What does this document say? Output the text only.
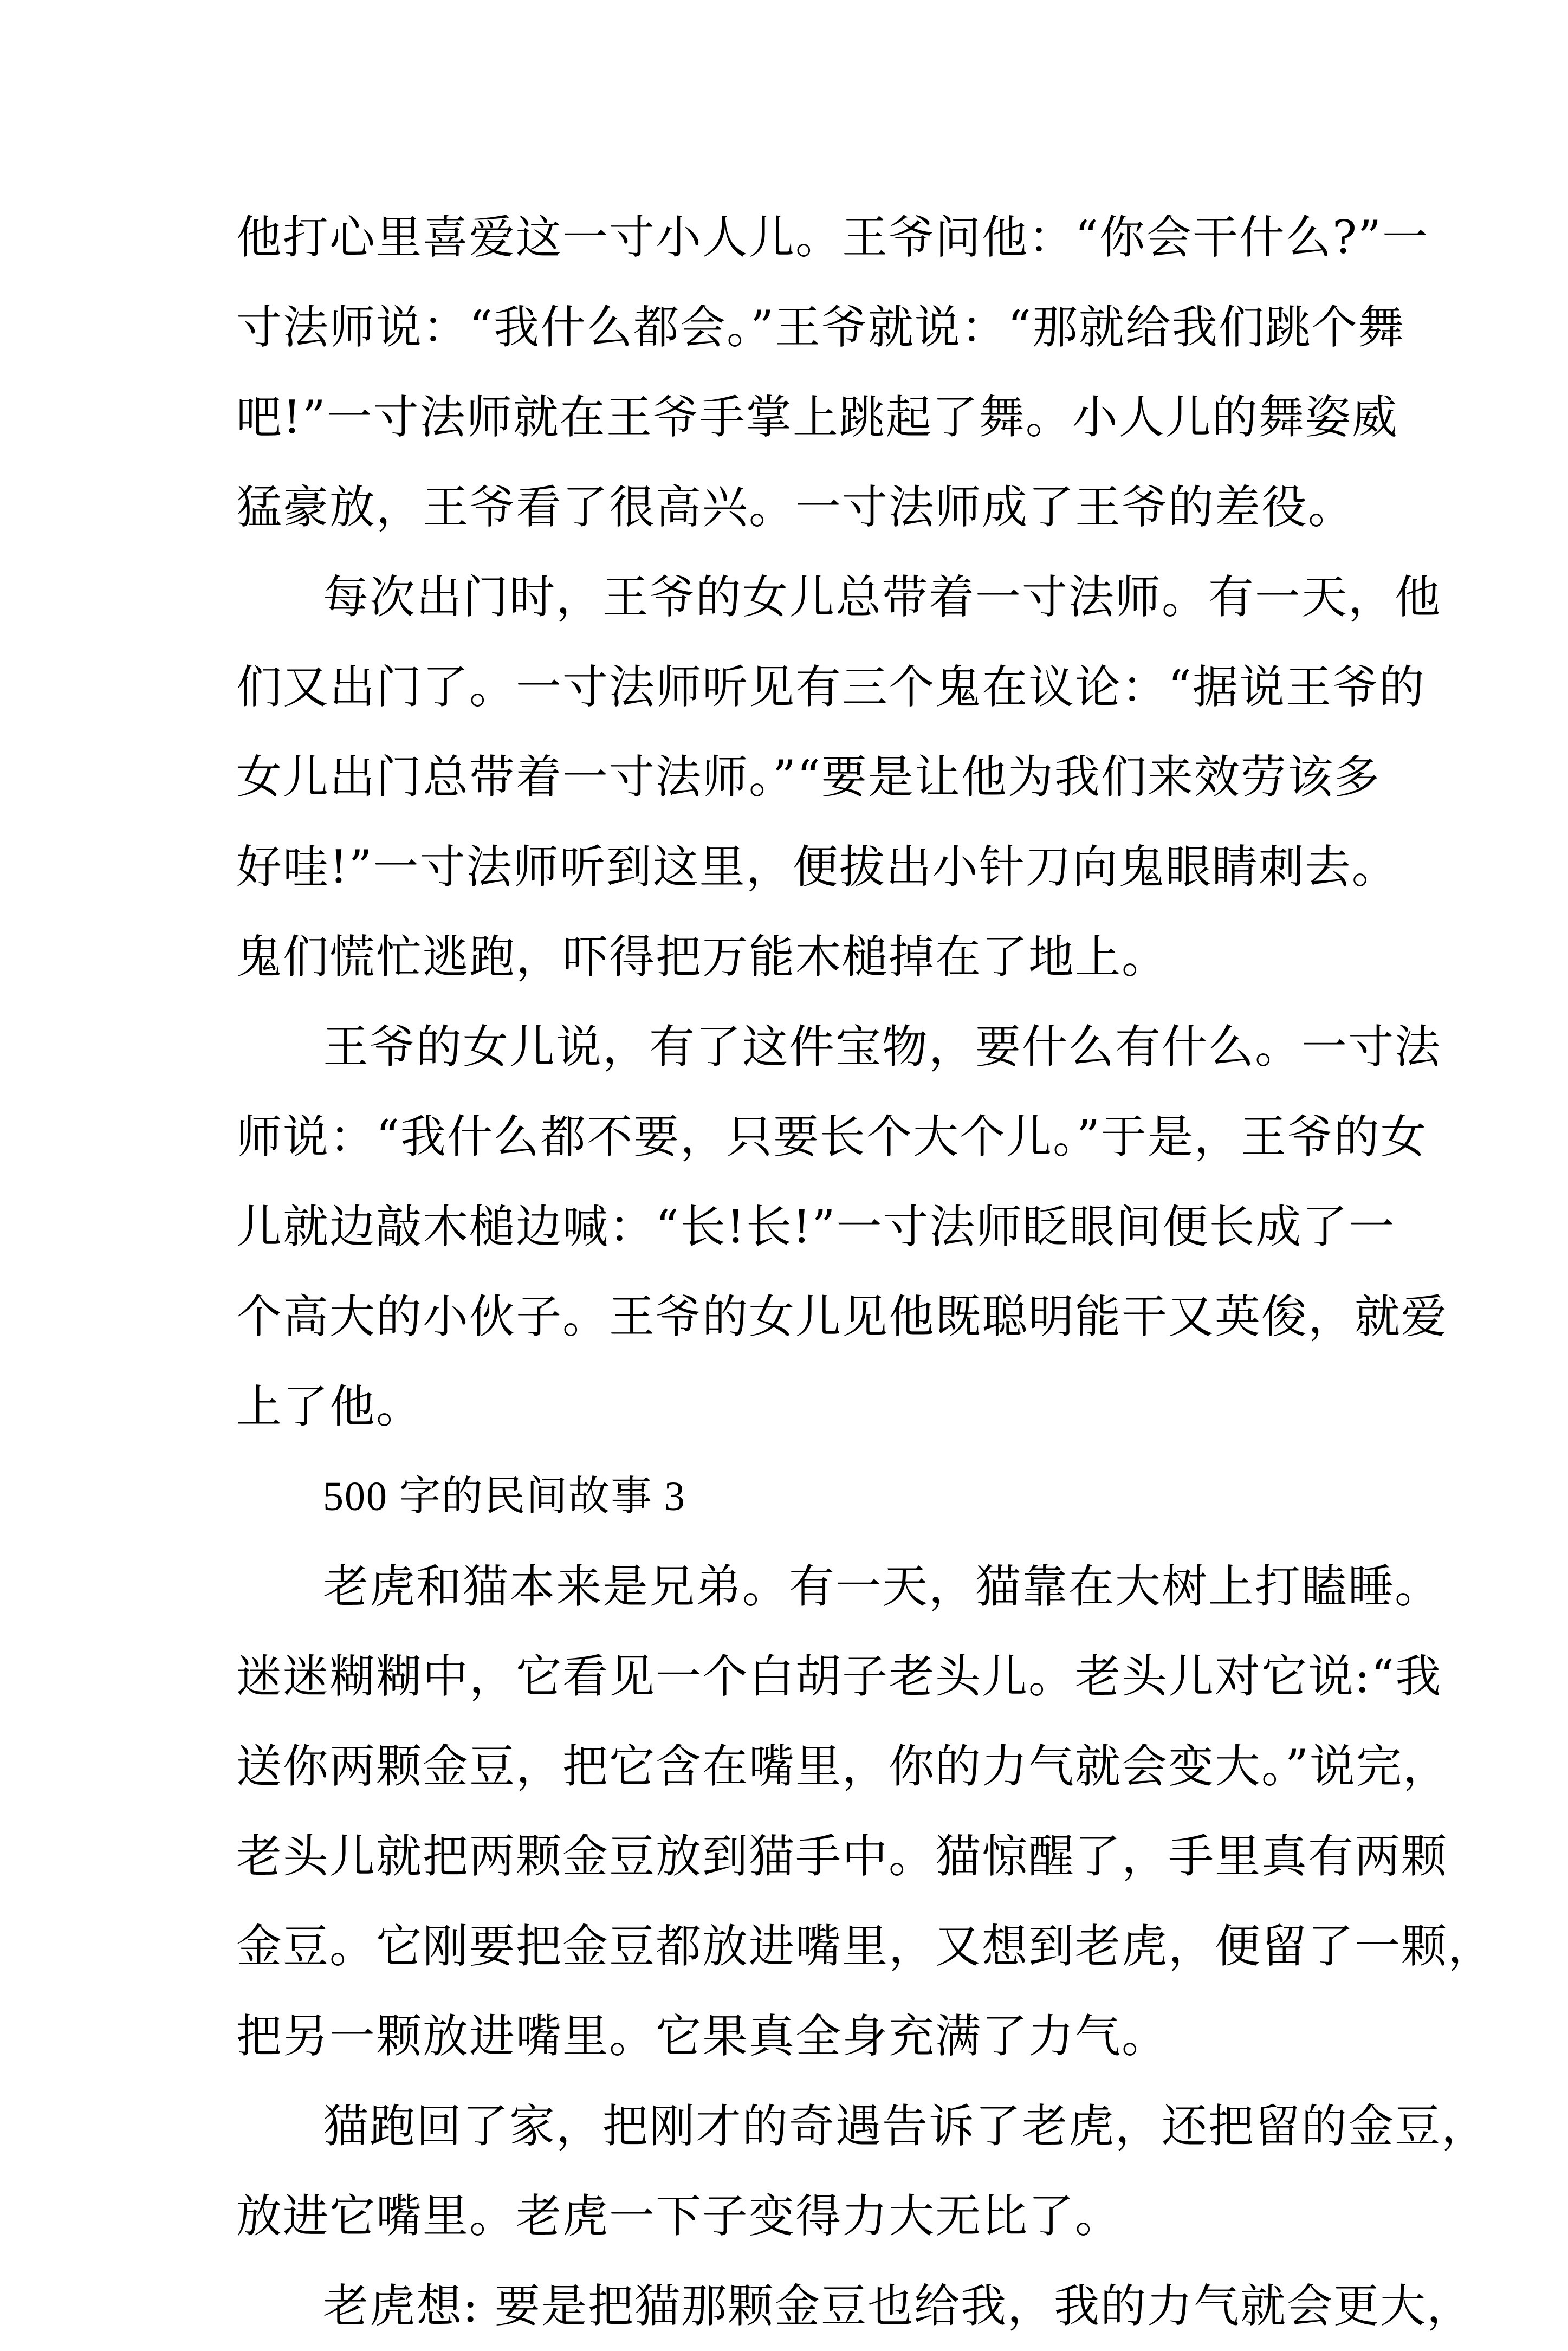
他打心里喜爱这一寸小人儿。王爷问他：“你会干什么?”一
寸法师说：“我什么都会。”王爷就说：“那就给我们跳个舞
吧!”一寸法师就在王爷手掌上跳起了舞。小人儿的舞姿威
猛豪放，王爷看了很高兴。一寸法师成了王爷的差役。
每次出门时，王爷的女儿总带着一寸法师。有一天，他
们又出门了。一寸法师听见有三个鬼在议论：“据说王爷的
女儿出门总带着一寸法师。”“要是让他为我们来效劳该多
好哇!”一寸法师听到这里，便拔出小针刀向鬼眼睛刺去。
鬼们慌忙逃跑，吓得把万能木槌掉在了地上。
王爷的女儿说，有了这件宝物，要什么有什么。一寸法
师说：“我什么都不要，只要长个大个儿。”于是，王爷的女
儿就边敲木槌边喊：“长!长!”一寸法师眨眼间便长成了一
个高大的小伙子。王爷的女儿见他既聪明能干又英俊，就爱
上了他。
500 字的民间故事 3
老虎和猫本来是兄弟。有一天，猫靠在大树上打瞌睡。
迷迷糊糊中，它看见一个白胡子老头儿。老头儿对它说:“我
送你两颗金豆，把它含在嘴里，你的力气就会变大。”说完，
老头儿就把两颗金豆放到猫手中。猫惊醒了，手里真有两颗
金豆。它刚要把金豆都放进嘴里，又想到老虎，便留了一颗，
把另一颗放进嘴里。它果真全身充满了力气。
猫跑回了家，把刚才的奇遇告诉了老虎，还把留的金豆，
放进它嘴里。老虎一下子变得力大无比了。
老虎想: 要是把猫那颗金豆也给我，我的力气就会更大，
